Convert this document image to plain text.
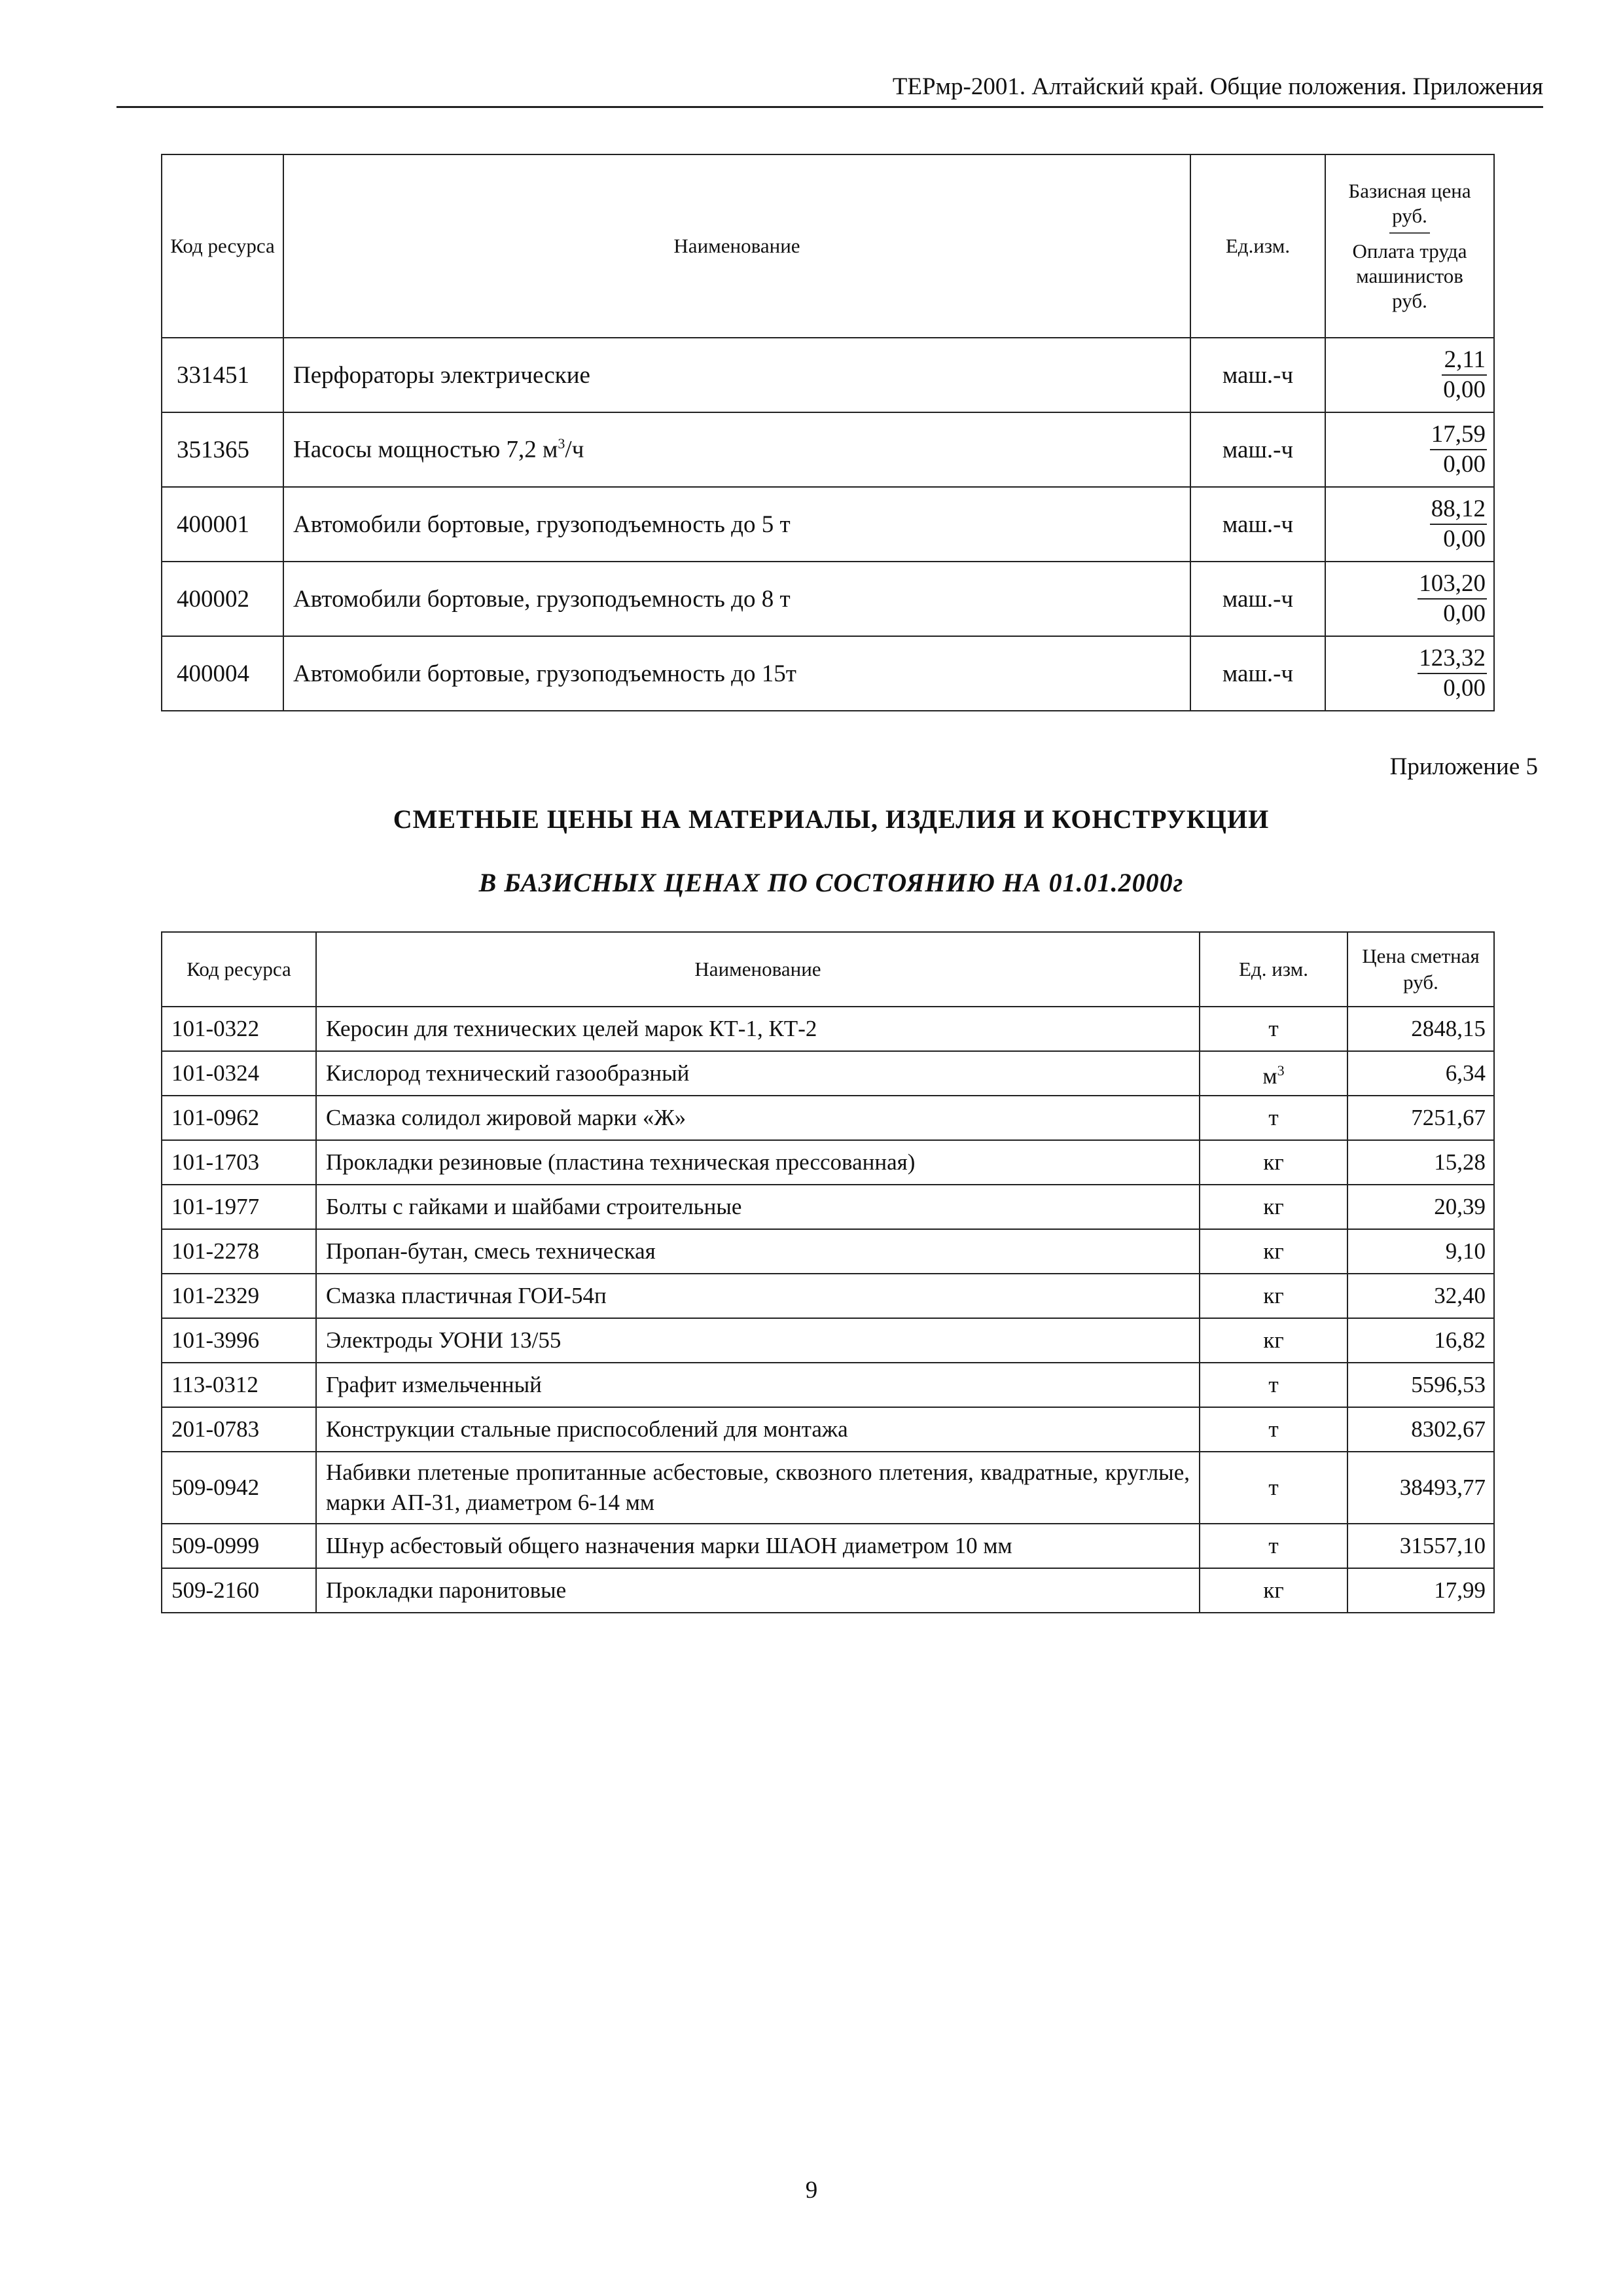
ТЕРмр-2001. Алтайский край. Общие положения. Приложения
Код ресурса	Наименование	Ед.изм.	Базисная цена
руб.
Оплата труда
машинистов
руб.

331451	Перфораторы электрические	маш.-ч	$\frac{2,11}{0,00}$

351365	Насосы мощностью 7,2 $м^3/ч$	маш.-ч	$\frac{17,59}{0,00}$

400001	Автомобили бортовые, грузоподъемность до 5 т	маш.-ч	$\frac{88,12}{0,00}$

400002	Автомобили бортовые, грузоподъемность до 8 т	маш.-ч	$\frac{103,20}{0,00}$

400004	Автомобили бортовые, грузоподъемность до 15т	маш.-ч	$\frac{123,32}{0,00}$
Приложение 5
СМЕТНЫЕ ЦЕНЫ НА МАТЕРИАЛЫ, ИЗДЕЛИЯ И КОНСТРУКЦИИ
В БАЗИСНЫХ ЦЕНАХ ПО СОСТОЯНИЮ НА 01.01.2000г
Код ресурса	Наименование	Ед. изм.	Цена сметная руб.
101-0322	Керосин для технических целей марок КТ-1, КТ-2	т	2848,15
101-0324	Кислород технический газообразный	$м^3$	6,34
101-0962	Смазка солидол жировой марки «Ж»	т	7251,67
101-1703	Прокладки резиновые (пластина техническая прессованная)	кг	15,28
101-1977	Болты с гайками и шайбами строительные	кг	20,39
101-2278	Пропан-бутан, смесь техническая	кг	9,10
101-2329	Смазка пластичная ГОИ-54п	кг	32,40
101-3996	Электроды УОНИ 13/55	кг	16,82
113-0312	Графит измельченный	т	5596,53
201-0783	Конструкции стальные приспособлений для монтажа	т	8302,67
509-0942	Набивки плетеные пропитанные асбестовые, сквозного плетения, квадратные, круглые, марки АП-31, диаметром 6-14 мм	т	38493,77
509-0999	Шнур асбестовый общего назначения марки ШАОН диаметром 10 мм	т	31557,10
509-2160	Прокладки паронитовые	кг	17,99
9
